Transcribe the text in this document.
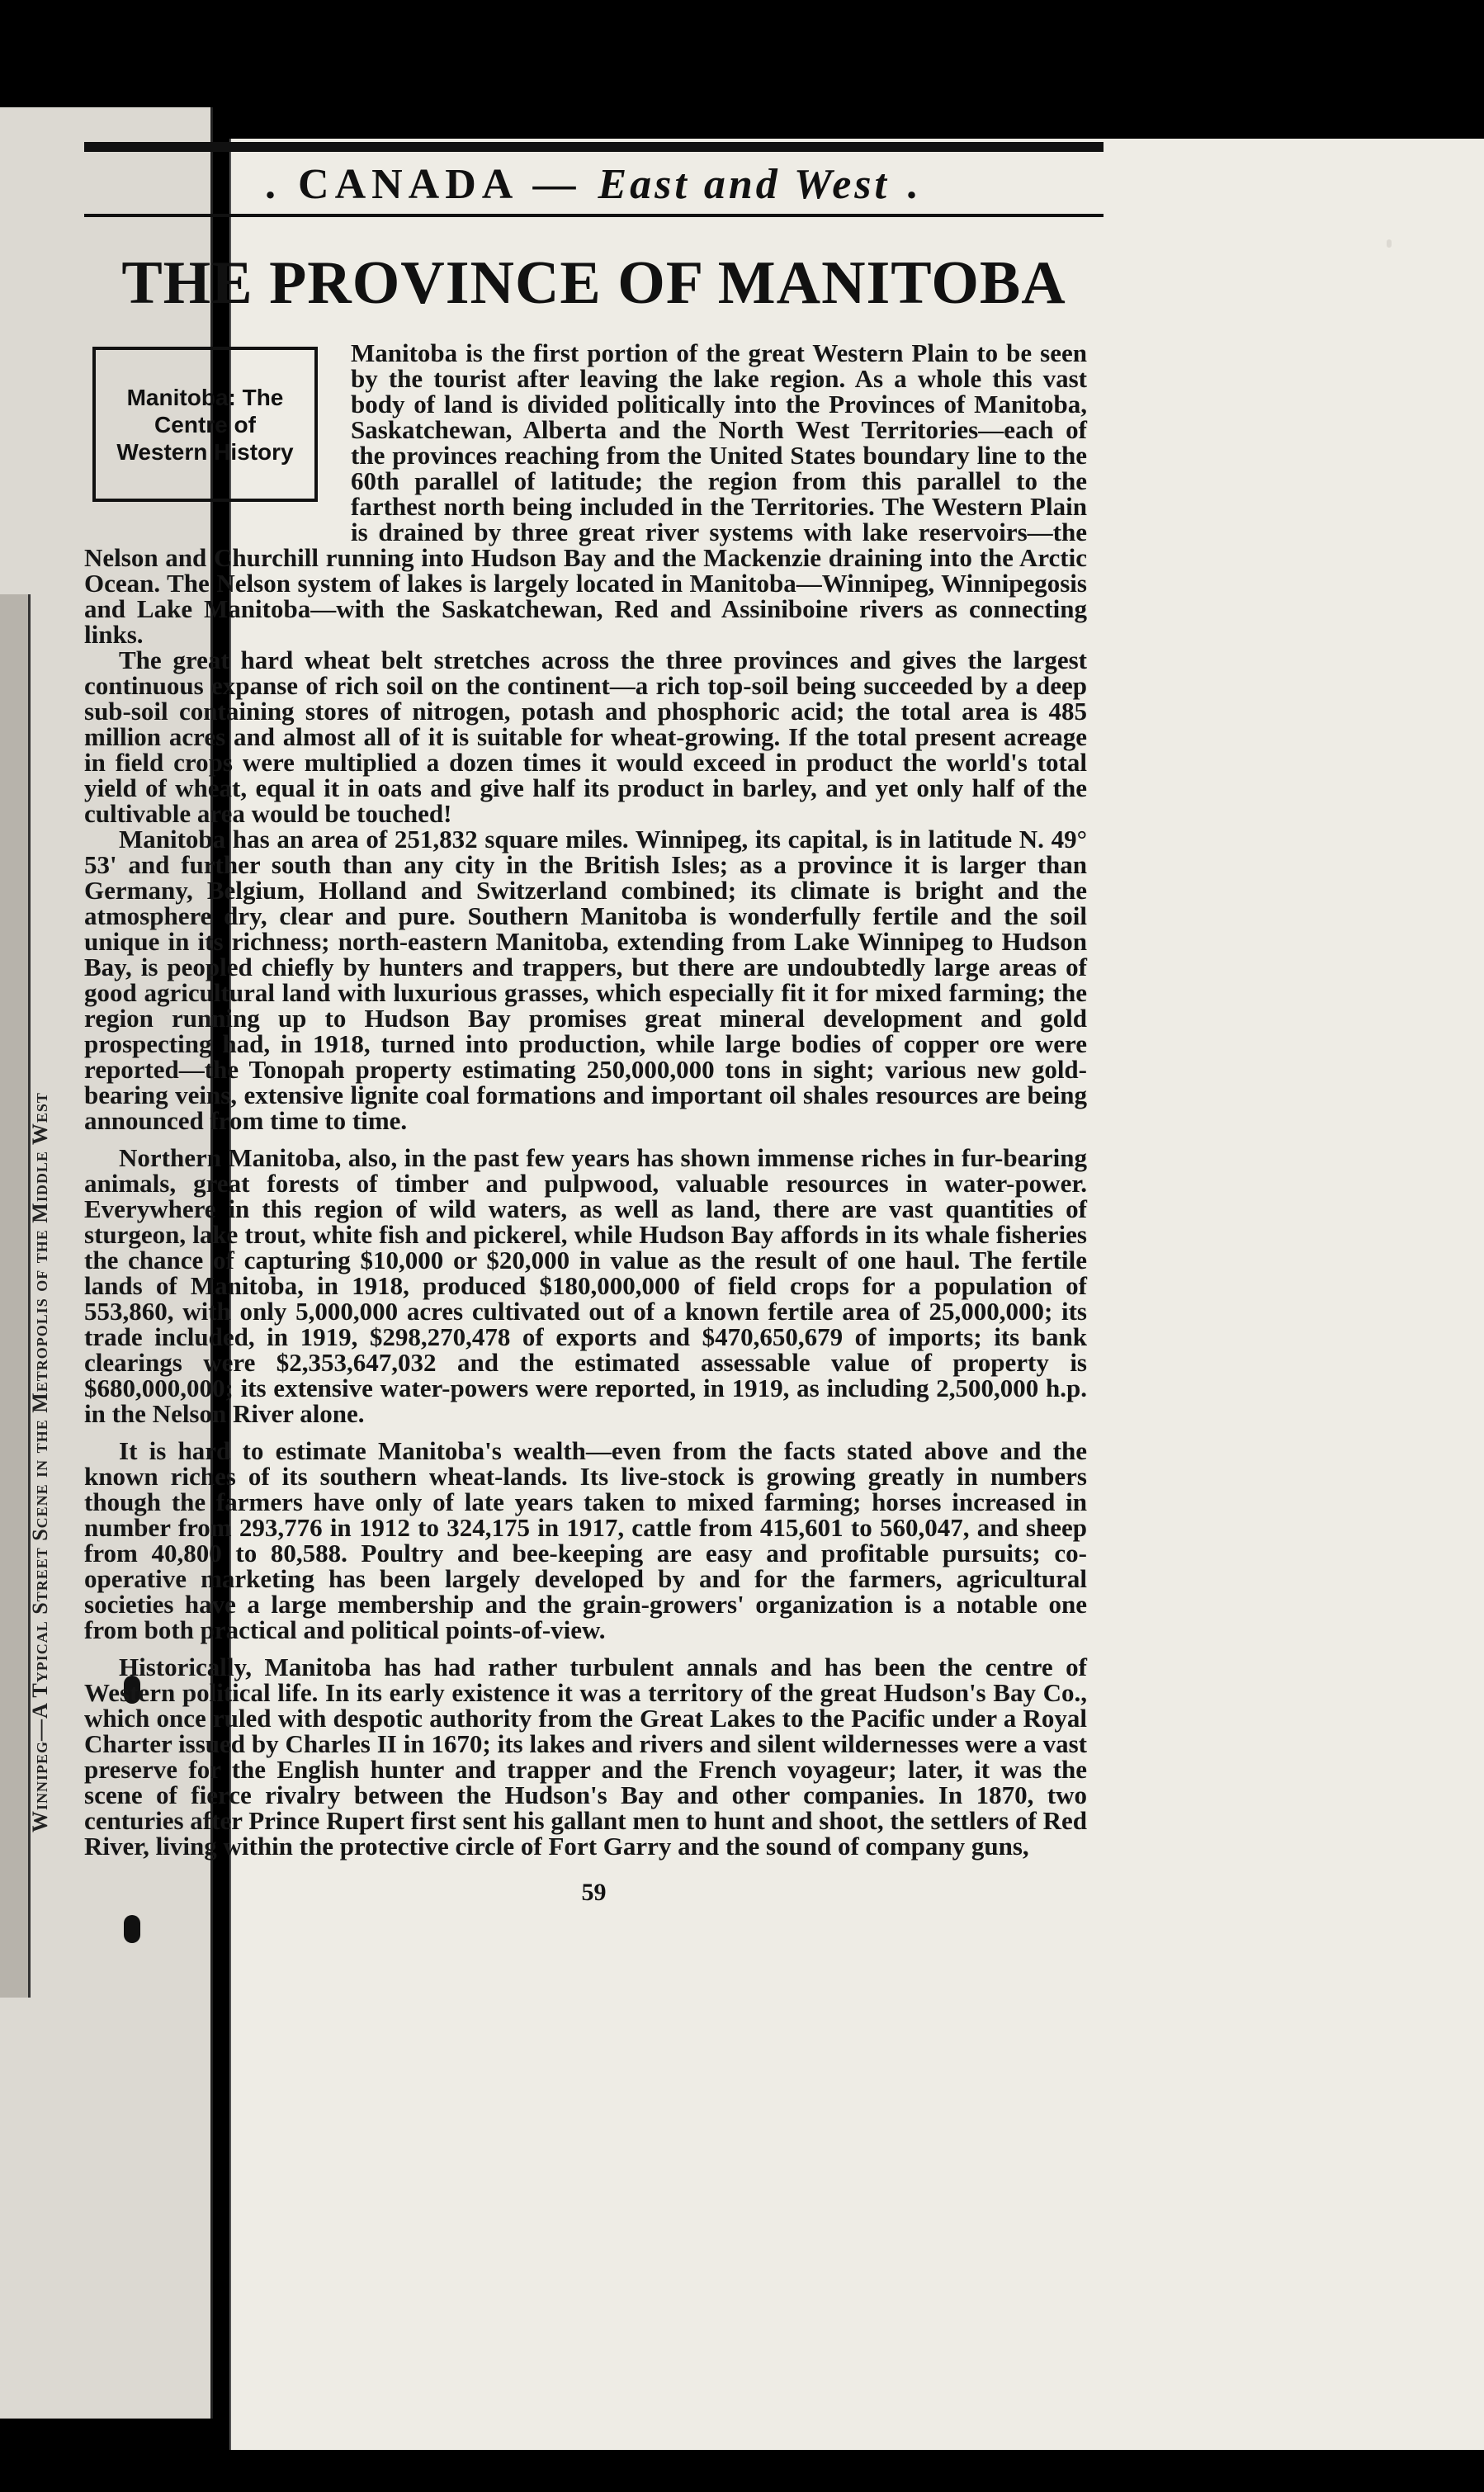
Winnipeg—A Typical Street Scene in the Metropolis of the Middle West
. CANADA — East and West .
THE PROVINCE OF MANITOBA
Manitoba: The Centre of Western History

Manitoba is the first portion of the great Western Plain to be seen by the tourist after leaving the lake region. As a whole this vast body of land is divided politically into the Provinces of Manitoba, Saskatchewan, Alberta and the North West Territories—each of the provinces reaching from the United States boundary line to the 60th parallel of latitude; the region from this parallel to the farthest north being included in the Territories. The Western Plain is drained by three great river systems with lake reservoirs—the Nelson and Churchill running into Hudson Bay and the Mackenzie draining into the Arctic Ocean. The Nelson system of lakes is largely located in Manitoba—Winnipeg, Winnipegosis and Lake Manitoba—with the Saskatchewan, Red and Assiniboine rivers as connecting links.

The great hard wheat belt stretches across the three provinces and gives the largest continuous expanse of rich soil on the continent—a rich top-soil being succeeded by a deep sub-soil containing stores of nitrogen, potash and phosphoric acid; the total area is 485 million acres and almost all of it is suitable for wheat-growing. If the total present acreage in field crops were multiplied a dozen times it would exceed in product the world's total yield of wheat, equal it in oats and give half its product in barley, and yet only half of the cultivable area would be touched!

Manitoba has an area of 251,832 square miles. Winnipeg, its capital, is in latitude N. 49° 53' and further south than any city in the British Isles; as a province it is larger than Germany, Belgium, Holland and Switzerland combined; its climate is bright and the atmosphere dry, clear and pure. Southern Manitoba is wonderfully fertile and the soil unique in its richness; north-eastern Manitoba, extending from Lake Winnipeg to Hudson Bay, is peopled chiefly by hunters and trappers, but there are undoubtedly large areas of good agricultural land with luxurious grasses, which especially fit it for mixed farming; the region running up to Hudson Bay promises great mineral development and gold prospecting had, in 1918, turned into production, while large bodies of copper ore were reported—the Tonopah property estimating 250,000,000 tons in sight; various new gold-bearing veins, extensive lignite coal formations and important oil shales resources are being announced from time to time.

Northern Manitoba, also, in the past few years has shown immense riches in fur-bearing animals, great forests of timber and pulpwood, valuable resources in water-power. Everywhere in this region of wild waters, as well as land, there are vast quantities of sturgeon, lake trout, white fish and pickerel, while Hudson Bay affords in its whale fisheries the chance of capturing $10,000 or $20,000 in value as the result of one haul. The fertile lands of Manitoba, in 1918, produced $180,000,000 of field crops for a population of 553,860, with only 5,000,000 acres cultivated out of a known fertile area of 25,000,000; its trade included, in 1919, $298,270,478 of exports and $470,650,679 of imports; its bank clearings were $2,353,647,032 and the estimated assessable value of property is $680,000,000; its extensive water-powers were reported, in 1919, as including 2,500,000 h.p. in the Nelson River alone.

It is hard to estimate Manitoba's wealth—even from the facts stated above and the known riches of its southern wheat-lands. Its live-stock is growing greatly in numbers though the farmers have only of late years taken to mixed farming; horses increased in number from 293,776 in 1912 to 324,175 in 1917, cattle from 415,601 to 560,047, and sheep from 40,800 to 80,588. Poultry and bee-keeping are easy and profitable pursuits; co-operative marketing has been largely developed by and for the farmers, agricultural societies have a large membership and the grain-growers' organization is a notable one from both practical and political points-of-view.

Historically, Manitoba has had rather turbulent annals and has been the centre of Western political life. In its early existence it was a territory of the great Hudson's Bay Co., which once ruled with despotic authority from the Great Lakes to the Pacific under a Royal Charter issued by Charles II in 1670; its lakes and rivers and silent wildernesses were a vast preserve for the English hunter and trapper and the French voyageur; later, it was the scene of fierce rivalry between the Hudson's Bay and other companies. In 1870, two centuries after Prince Rupert first sent his gallant men to hunt and shoot, the settlers of Red River, living within the protective circle of Fort Garry and the sound of company guns,

59
